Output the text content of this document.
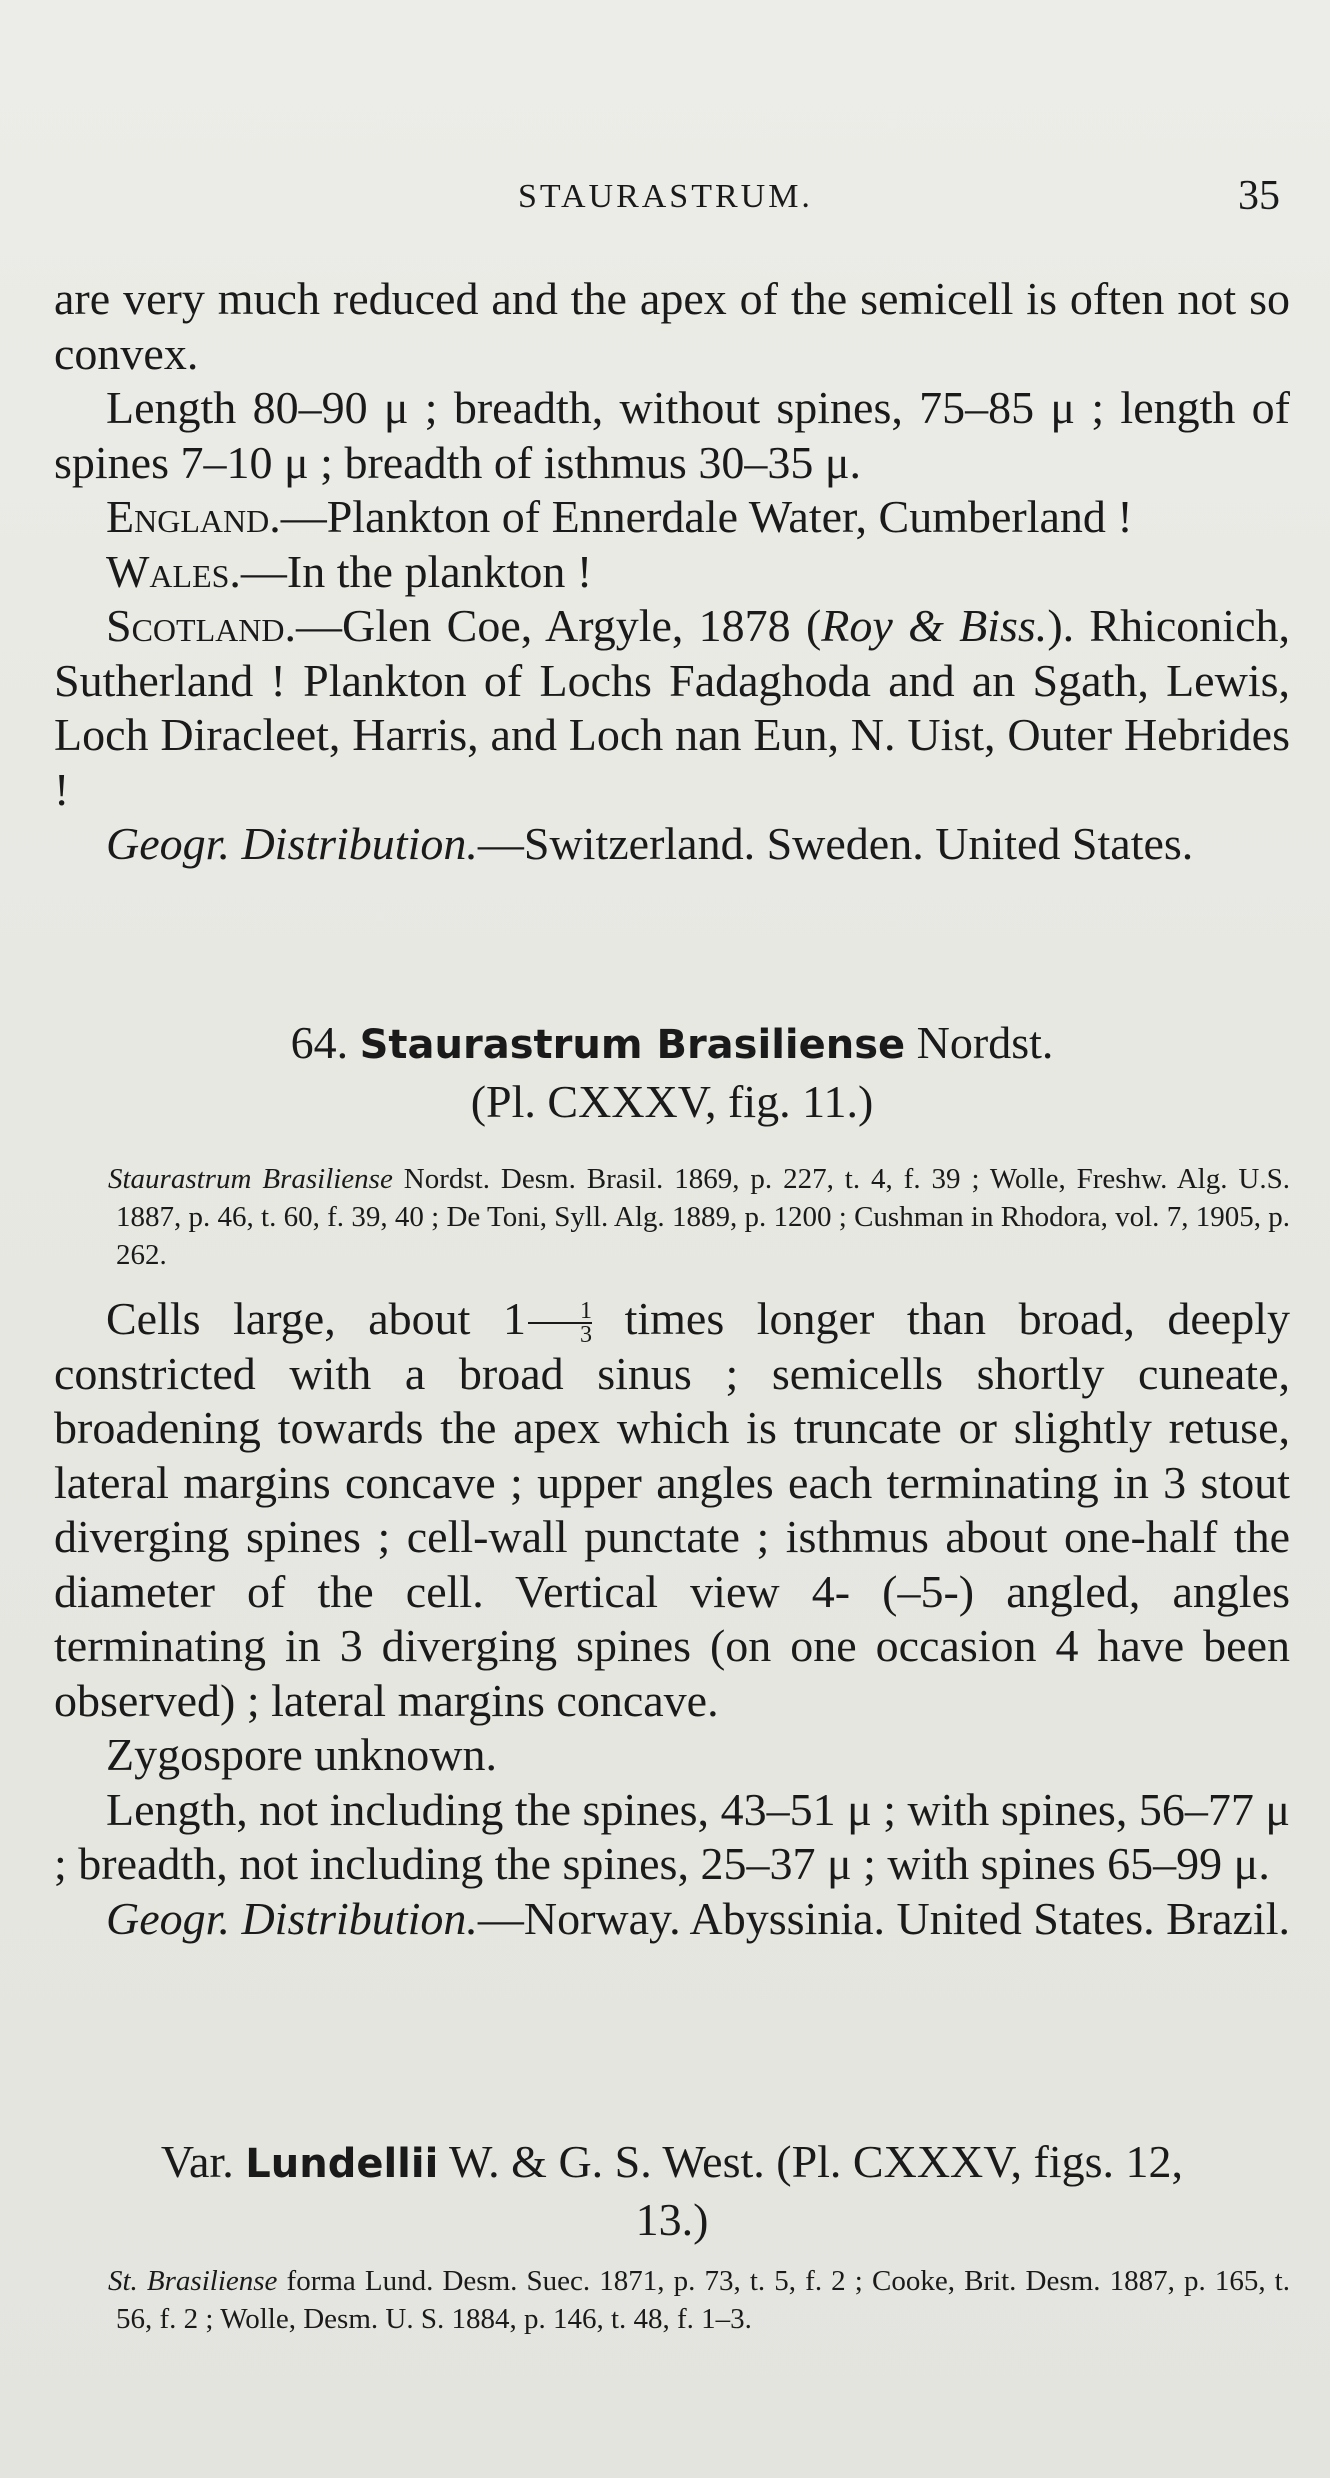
STAURASTRUM.	35

are very much reduced and the apex of the semicell is often not so convex.

Length 80–90 μ ; breadth, without spines, 75–85 μ ; length of spines 7–10 μ ; breadth of isthmus 30–35 μ.

England.—Plankton of Ennerdale Water, Cumberland !

Wales.—In the plankton !

Scotland.—Glen Coe, Argyle, 1878 (Roy & Biss.). Rhiconich, Sutherland ! Plankton of Lochs Fadaghoda and an Sgath, Lewis, Loch Diracleet, Harris, and Loch nan Eun, N. Uist, Outer Hebrides !

Geogr. Distribution.—Switzerland. Sweden. United States.

64. Staurastrum Brasiliense Nordst.

(Pl. CXXXV, fig. 11.)

Staurastrum Brasiliense Nordst. Desm. Brasil. 1869, p. 227, t. 4, f. 39 ; Wolle, Freshw. Alg. U.S. 1887, p. 46, t. 60, f. 39, 40 ; De Toni, Syll. Alg. 1889, p. 1200 ; Cushman in Rhodora, vol. 7, 1905, p. 262.

Cells large, about $1 \frac{1}{3}$ times longer than broad, deeply constricted with a broad sinus ; semicells shortly cuneate, broadening towards the apex which is truncate or slightly retuse, lateral margins concave ; upper angles each terminating in 3 stout diverging spines ; cell-wall punctate ; isthmus about one-half the diameter of the cell. Vertical view 4- (–5-) angled, angles terminating in 3 diverging spines (on one occasion 4 have been observed) ; lateral margins concave.

Zygospore unknown.

Length, not including the spines, 43–51 μ ; with spines, 56–77 μ ; breadth, not including the spines, 25–37 μ ; with spines 65–99 μ.

Geogr. Distribution.—Norway. Abyssinia. United States. Brazil.

Var. Lundellii W. & G. S. West. (Pl. CXXXV, figs. 12, 13.)

St. Brasiliense forma Lund. Desm. Suec. 1871, p. 73, t. 5, f. 2 ; Cooke, Brit. Desm. 1887, p. 165, t. 56, f. 2 ; Wolle, Desm. U. S. 1884, p. 146, t. 48, f. 1–3.
